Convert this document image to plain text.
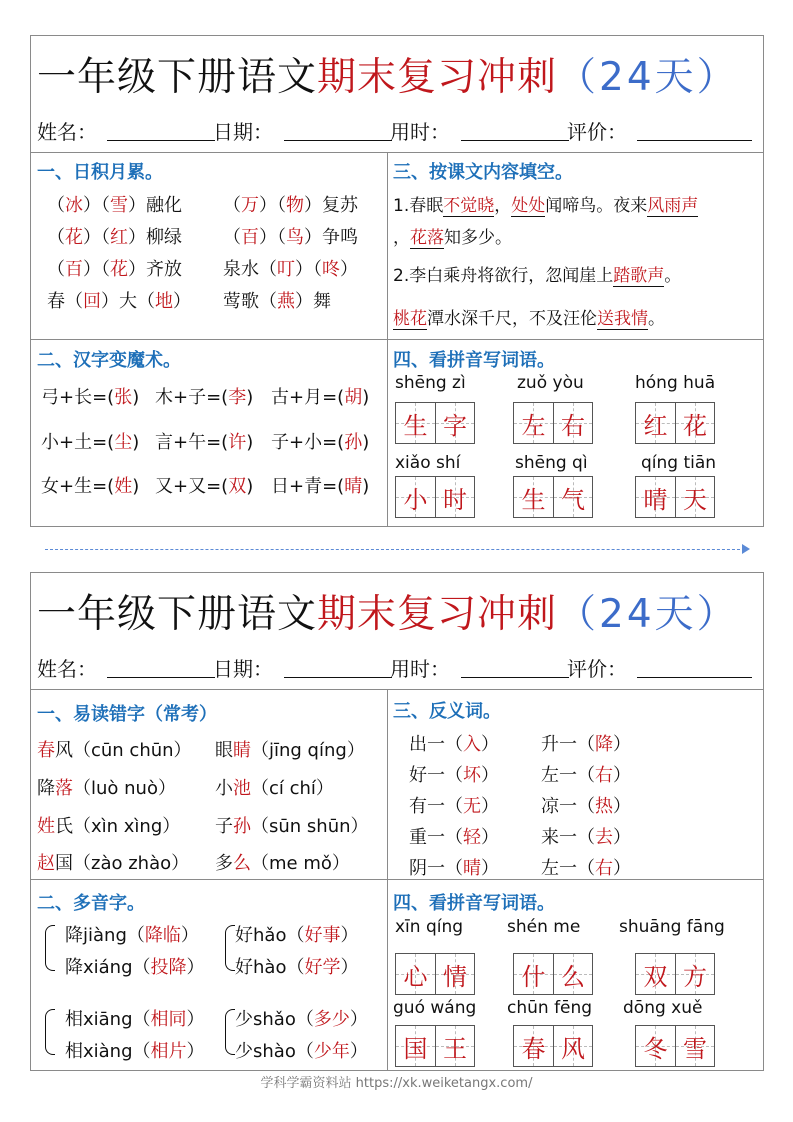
一年级下册语文期末复习冲刺（24天）
姓名：	日期：	用时：	评价：
一、日积月累。
（冰）（雪）融化 （万）（物）复苏
（花）（红）柳绿 （百）（鸟）争鸣
（百）（花）齐放 泉水（叮）（咚）
春（回）大（地） 莺歌（燕）舞
二、汉字变魔术。
弓+长=(张) 木+子=(李) 古+月=(胡)
小+土=(尘) 言+午=(许) 子+小=(孙)
女+生=(姓) 又+又=(双) 日+青=(晴)
三、按课文内容填空。
1.春眠不觉晓，处处闻啼鸟。夜来风雨声
，花落知多少。
2.李白乘舟将欲行，忽闻崖上踏歌声。
桃花潭水深千尺，不及汪伦送我情。
四、看拼音写词语。
shēng zì	zuǒ yòu	hóng huā
生 字 左 右 红 花
xiǎo shí	shēng qì	qíng tiān
小 时 生 气 晴 天
一年级下册语文期末复习冲刺（24天）
姓名：	日期：	用时：	评价：
一、易读错字（常考）
春风（cūn chūn） 眼睛（jīng qíng）
降落（luò nuò） 小池（cí chí）
姓氏（xìn xìng） 子孙（sūn shūn）
赵国（zào zhào） 多么（me mǒ）
二、多音字。
降jiàng（降临）
降xiáng（投降）
好hǎo（好事）
好hào（好学）
相xiāng（相同）
相xiàng（相片）
少shǎo（多少）
少shào（少年）
三、反义词。
出一（入） 升一（降）
好一（坏） 左一（右）
有一（无） 凉一（热）
重一（轻） 来一（去）
阴一（晴） 左一（右）
四、看拼音写词语。
xīn qíng	shén me shuāng fāng
心 情 什 么 双 方
guó wáng chūn fēng dōng xuě
国 王 春 风 冬 雪
学科学霸资料站 https://xk.weiketangx.com/
